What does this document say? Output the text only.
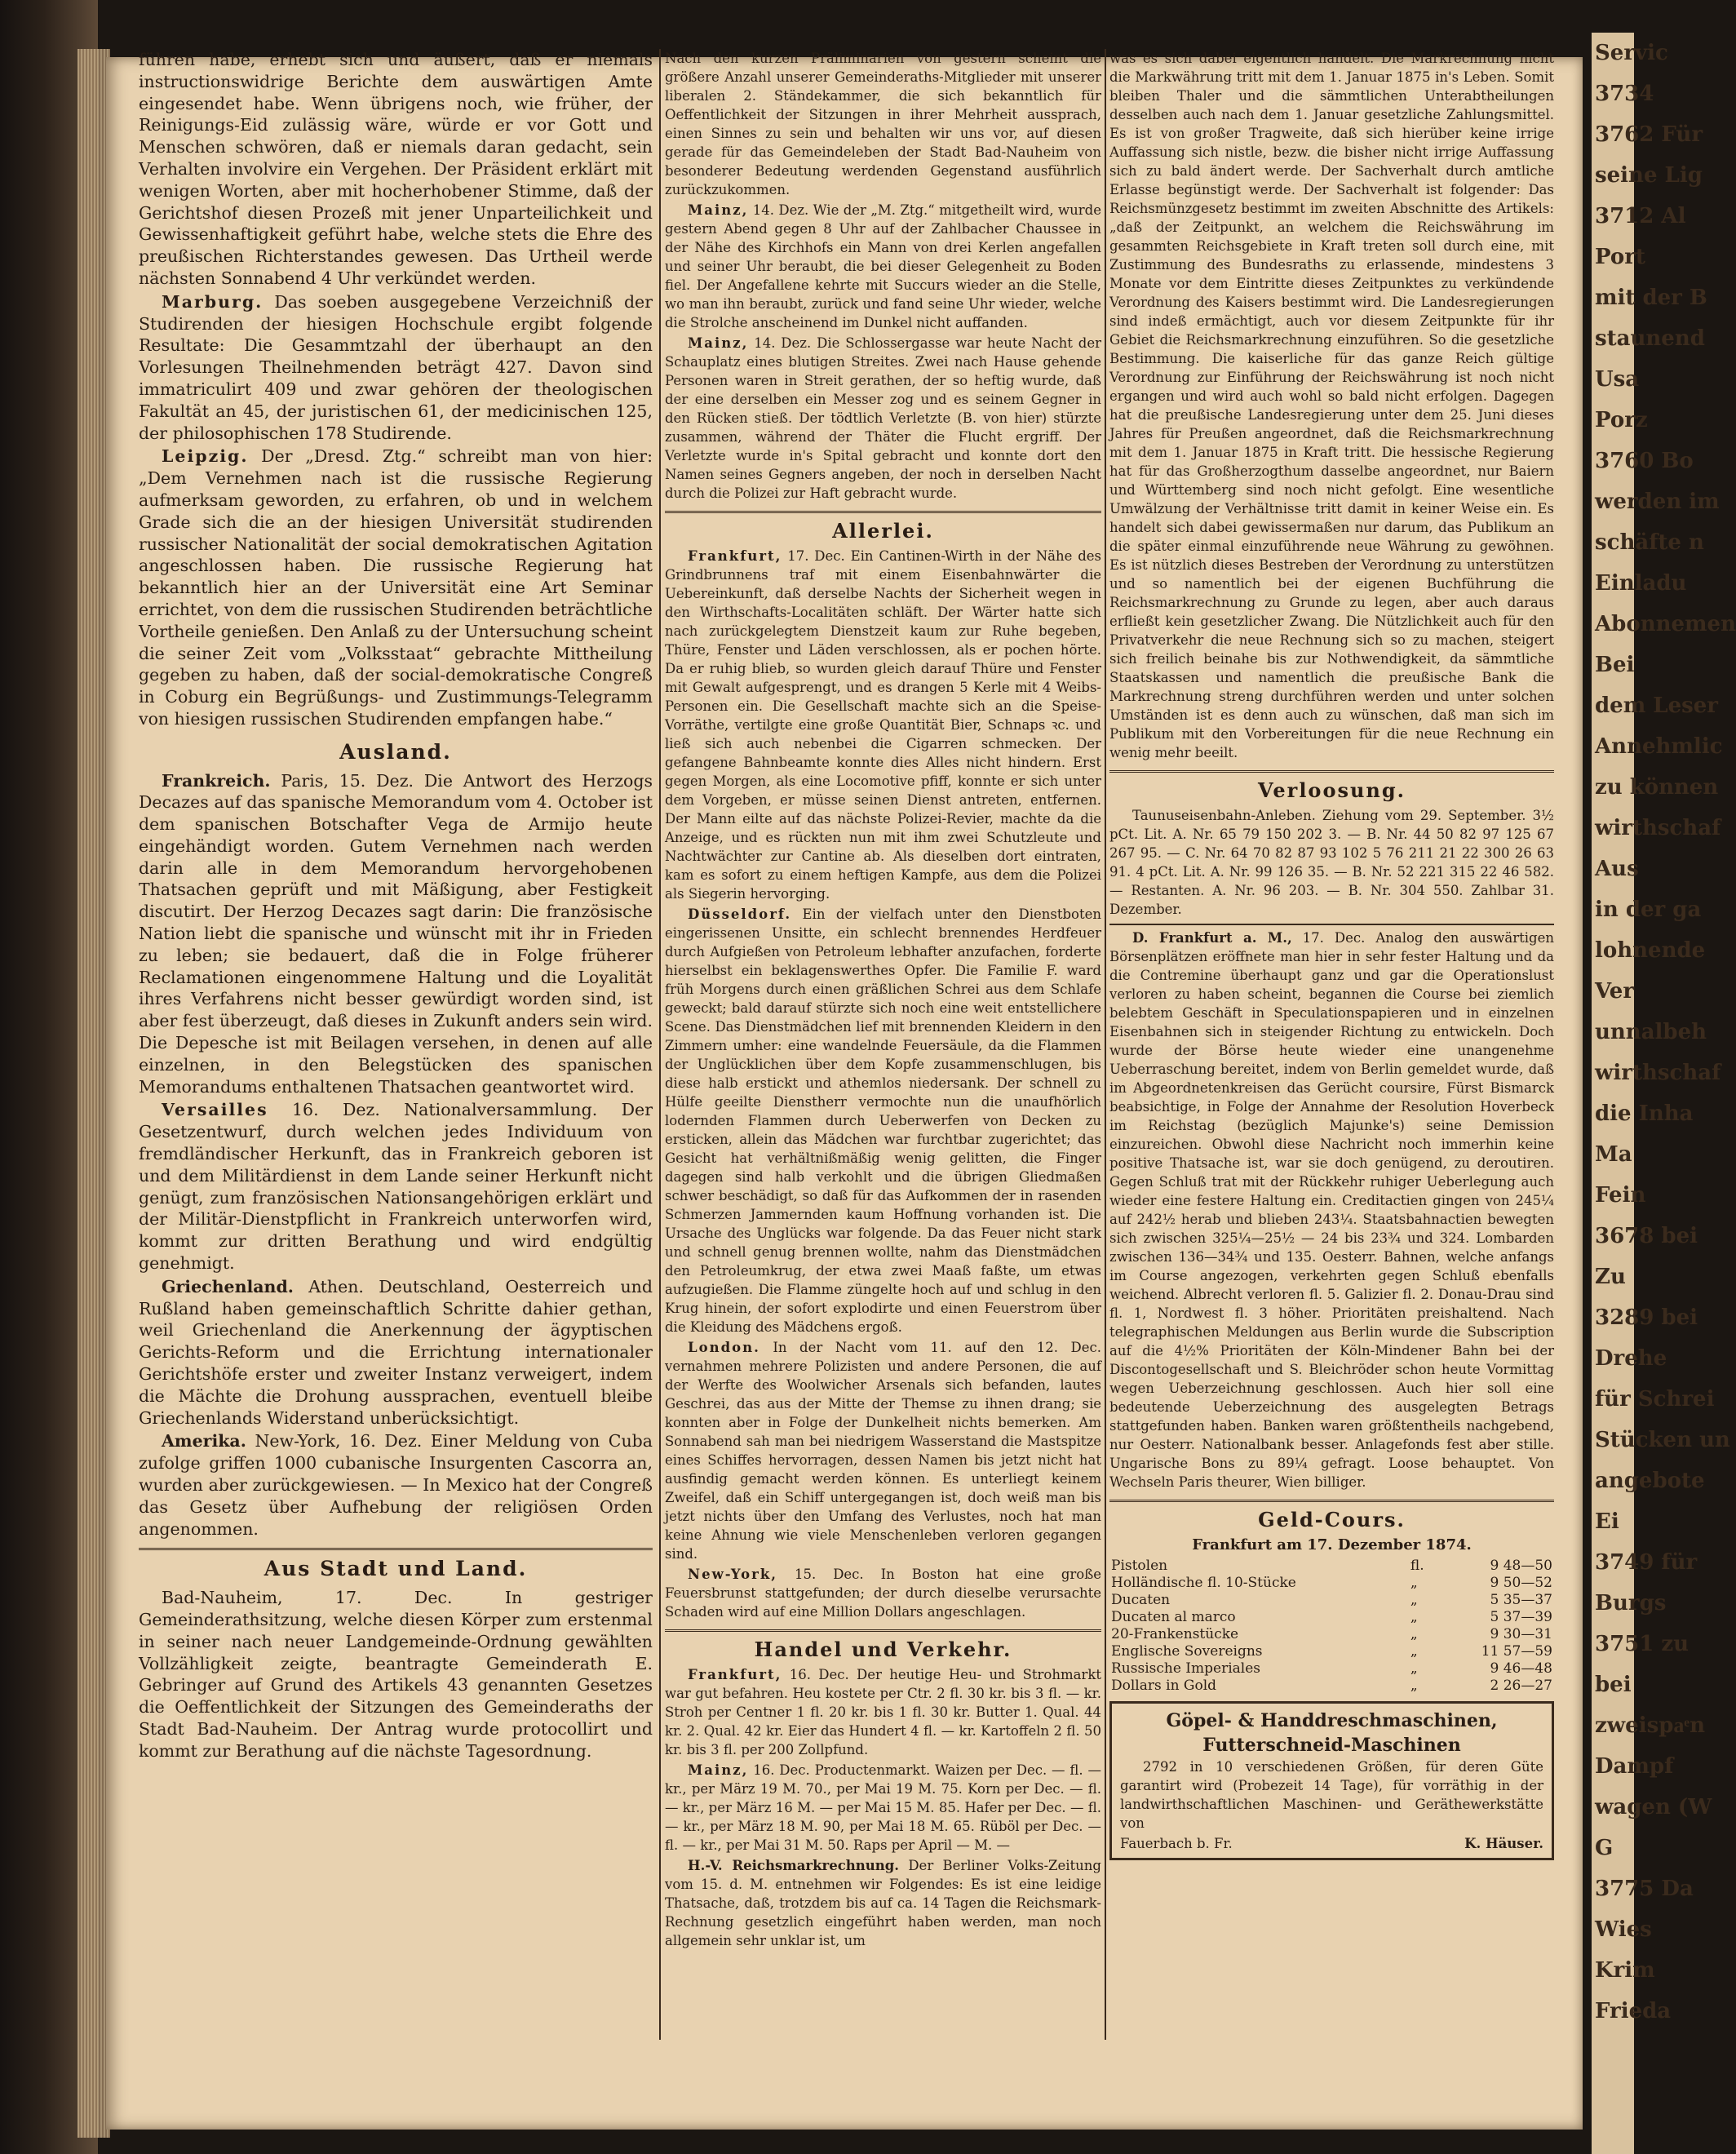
führen habe, erhebt sich und äußert, daß er niemals instructionswidrige Berichte dem auswärtigen Amte eingesendet habe. Wenn übrigens noch, wie früher, der Reinigungs-Eid zulässig wäre, würde er vor Gott und Menschen schwören, daß er niemals daran gedacht, sein Verhalten involvire ein Vergehen. Der Präsident erklärt mit wenigen Worten, aber mit hocherhobener Stimme, daß der Gerichtshof diesen Prozeß mit jener Unparteilichkeit und Gewissenhaftigkeit geführt habe, welche stets die Ehre des preußischen Richterstandes gewesen. Das Urtheil werde nächsten Sonnabend 4 Uhr verkündet werden.

Marburg. Das soeben ausgegebene Verzeichniß der Studirenden der hiesigen Hochschule ergibt folgende Resultate: Die Gesammtzahl der überhaupt an den Vorlesungen Theilnehmenden beträgt 427. Davon sind immatriculirt 409 und zwar gehören der theologischen Fakultät an 45, der juristischen 61, der medicinischen 125, der philosophischen 178 Studirende.

Leipzig. Der „Dresd. Ztg.“ schreibt man von hier: „Dem Vernehmen nach ist die russische Regierung aufmerksam geworden, zu erfahren, ob und in welchem Grade sich die an der hiesigen Universität studirenden russischer Nationalität der social demokratischen Agitation angeschlossen haben. Die russische Regierung hat bekanntlich hier an der Universität eine Art Seminar errichtet, von dem die russischen Studirenden beträchtliche Vortheile genießen. Den Anlaß zu der Untersuchung scheint die seiner Zeit vom „Volksstaat“ gebrachte Mittheilung gegeben zu haben, daß der social-demokratische Congreß in Coburg ein Begrüßungs- und Zustimmungs-Telegramm von hiesigen russischen Studirenden empfangen habe.“

Ausland.

Frankreich. Paris, 15. Dez. Die Antwort des Herzogs Decazes auf das spanische Memorandum vom 4. October ist dem spanischen Botschafter Vega de Armijo heute eingehändigt worden. Gutem Vernehmen nach werden darin alle in dem Memorandum hervorgehobenen Thatsachen geprüft und mit Mäßigung, aber Festigkeit discutirt. Der Herzog Decazes sagt darin: Die französische Nation liebt die spanische und wünscht mit ihr in Frieden zu leben; sie bedauert, daß die in Folge früherer Reclamationen eingenommene Haltung und die Loyalität ihres Verfahrens nicht besser gewürdigt worden sind, ist aber fest überzeugt, daß dieses in Zukunft anders sein wird. Die Depesche ist mit Beilagen versehen, in denen auf alle einzelnen, in den Belegstücken des spanischen Memorandums enthaltenen Thatsachen geantwortet wird.

Versailles 16. Dez. Nationalversammlung. Der Gesetzentwurf, durch welchen jedes Individuum von fremdländischer Herkunft, das in Frankreich geboren ist und dem Militärdienst in dem Lande seiner Herkunft nicht genügt, zum französischen Nationsangehörigen erklärt und der Militär-Dienstpflicht in Frankreich unterworfen wird, kommt zur dritten Berathung und wird endgültig genehmigt.

Griechenland. Athen. Deutschland, Oesterreich und Rußland haben gemeinschaftlich Schritte dahier gethan, weil Griechenland die Anerkennung der ägyptischen Gerichts-Reform und die Errichtung internationaler Gerichtshöfe erster und zweiter Instanz verweigert, indem die Mächte die Drohung aussprachen, eventuell bleibe Griechenlands Widerstand unberücksichtigt.

Amerika. New-York, 16. Dez. Einer Meldung von Cuba zufolge griffen 1000 cubanische Insurgenten Cascorra an, wurden aber zurückgewiesen. — In Mexico hat der Congreß das Gesetz über Aufhebung der religiösen Orden angenommen.

Aus Stadt und Land.

Bad-Nauheim, 17. Dec. In gestriger Gemeinderathsitzung, welche diesen Körper zum erstenmal in seiner nach neuer Landgemeinde-Ordnung gewählten Vollzähligkeit zeigte, beantragte Gemeinderath E. Gebringer auf Grund des Artikels 43 genannten Gesetzes die Oeffentlichkeit der Sitzungen des Gemeinderaths der Stadt Bad-Nauheim. Der Antrag wurde protocollirt und kommt zur Berathung auf die nächste Tagesordnung.

Nach den kurzen Präliminarien von gestern scheint die größere Anzahl unserer Gemeinderaths-Mitglieder mit unserer liberalen 2. Ständekammer, die sich bekanntlich für Oeffentlichkeit der Sitzungen in ihrer Mehrheit aussprach, einen Sinnes zu sein und behalten wir uns vor, auf diesen gerade für das Gemeindeleben der Stadt Bad-Nauheim von besonderer Bedeutung werdenden Gegenstand ausführlich zurückzukommen.

Mainz, 14. Dez. Wie der „M. Ztg.“ mitgetheilt wird, wurde gestern Abend gegen 8 Uhr auf der Zahlbacher Chaussee in der Nähe des Kirchhofs ein Mann von drei Kerlen angefallen und seiner Uhr beraubt, die bei dieser Gelegenheit zu Boden fiel. Der Angefallene kehrte mit Succurs wieder an die Stelle, wo man ihn beraubt, zurück und fand seine Uhr wieder, welche die Strolche anscheinend im Dunkel nicht auffanden.

Mainz, 14. Dez. Die Schlossergasse war heute Nacht der Schauplatz eines blutigen Streites. Zwei nach Hause gehende Personen waren in Streit gerathen, der so heftig wurde, daß der eine derselben ein Messer zog und es seinem Gegner in den Rücken stieß. Der tödtlich Verletzte (B. von hier) stürzte zusammen, während der Thäter die Flucht ergriff. Der Verletzte wurde in's Spital gebracht und konnte dort den Namen seines Gegners angeben, der noch in derselben Nacht durch die Polizei zur Haft gebracht wurde.

Allerlei.

Frankfurt, 17. Dec. Ein Cantinen-Wirth in der Nähe des Grindbrunnens traf mit einem Eisenbahnwärter die Uebereinkunft, daß derselbe Nachts der Sicherheit wegen in den Wirthschafts-Localitäten schläft. Der Wärter hatte sich nach zurückgelegtem Dienstzeit kaum zur Ruhe begeben, Thüre, Fenster und Läden verschlossen, als er pochen hörte. Da er ruhig blieb, so wurden gleich darauf Thüre und Fenster mit Gewalt aufgesprengt, und es drangen 5 Kerle mit 4 Weibs-Personen ein. Die Gesellschaft machte sich an die Speise-Vorräthe, vertilgte eine große Quantität Bier, Schnaps ꝛc. und ließ sich auch nebenbei die Cigarren schmecken. Der gefangene Bahnbeamte konnte dies Alles nicht hindern. Erst gegen Morgen, als eine Locomotive pfiff, konnte er sich unter dem Vorgeben, er müsse seinen Dienst antreten, entfernen. Der Mann eilte auf das nächste Polizei-Revier, machte da die Anzeige, und es rückten nun mit ihm zwei Schutzleute und Nachtwächter zur Cantine ab. Als dieselben dort eintraten, kam es sofort zu einem heftigen Kampfe, aus dem die Polizei als Siegerin hervorging.

Düsseldorf. Ein der vielfach unter den Dienstboten eingerissenen Unsitte, ein schlecht brennendes Herdfeuer durch Aufgießen von Petroleum lebhafter anzufachen, forderte hierselbst ein beklagenswerthes Opfer. Die Familie F. ward früh Morgens durch einen gräßlichen Schrei aus dem Schlafe geweckt; bald darauf stürzte sich noch eine weit entstellichere Scene. Das Dienstmädchen lief mit brennenden Kleidern in den Zimmern umher: eine wandelnde Feuersäule, da die Flammen der Unglücklichen über dem Kopfe zusammenschlugen, bis diese halb erstickt und athemlos niedersank. Der schnell zu Hülfe geeilte Dienstherr vermochte nun die unaufhörlich lodernden Flammen durch Ueberwerfen von Decken zu ersticken, allein das Mädchen war furchtbar zugerichtet; das Gesicht hat verhältnißmäßig wenig gelitten, die Finger dagegen sind halb verkohlt und die übrigen Gliedmaßen schwer beschädigt, so daß für das Aufkommen der in rasenden Schmerzen Jammernden kaum Hoffnung vorhanden ist. Die Ursache des Unglücks war folgende. Da das Feuer nicht stark und schnell genug brennen wollte, nahm das Dienstmädchen den Petroleumkrug, der etwa zwei Maaß faßte, um etwas aufzugießen. Die Flamme züngelte hoch auf und schlug in den Krug hinein, der sofort explodirte und einen Feuerstrom über die Kleidung des Mädchens ergoß.

London. In der Nacht vom 11. auf den 12. Dec. vernahmen mehrere Polizisten und andere Personen, die auf der Werfte des Woolwicher Arsenals sich befanden, lautes Geschrei, das aus der Mitte der Themse zu ihnen drang; sie konnten aber in Folge der Dunkelheit nichts bemerken. Am Sonnabend sah man bei niedrigem Wasserstand die Mastspitze eines Schiffes hervorragen, dessen Namen bis jetzt nicht hat ausfindig gemacht werden können. Es unterliegt keinem Zweifel, daß ein Schiff untergegangen ist, doch weiß man bis jetzt nichts über den Umfang des Verlustes, noch hat man keine Ahnung wie viele Menschenleben verloren gegangen sind.

New-York, 15. Dec. In Boston hat eine große Feuersbrunst stattgefunden; der durch dieselbe verursachte Schaden wird auf eine Million Dollars angeschlagen.

Handel und Verkehr.

Frankfurt, 16. Dec. Der heutige Heu- und Strohmarkt war gut befahren. Heu kostete per Ctr. 2 fl. 30 kr. bis 3 fl. — kr. Stroh per Centner 1 fl. 20 kr. bis 1 fl. 30 kr. Butter 1. Qual. 44 kr. 2. Qual. 42 kr. Eier das Hundert 4 fl. — kr. Kartoffeln 2 fl. 50 kr. bis 3 fl. per 200 Zollpfund.

Mainz, 16. Dec. Productenmarkt. Waizen per Dec. — fl. — kr., per März 19 M. 70., per Mai 19 M. 75. Korn per Dec. — fl. — kr., per März 16 M. — per Mai 15 M. 85. Hafer per Dec. — fl. — kr., per März 18 M. 90, per Mai 18 M. 65. Rüböl per Dec. — fl. — kr., per Mai 31 M. 50. Raps per April — M. —

H.-V. Reichsmarkrechnung. Der Berliner Volks-Zeitung vom 15. d. M. entnehmen wir Folgendes: Es ist eine leidige Thatsache, daß, trotzdem bis auf ca. 14 Tagen die Reichsmark-Rechnung gesetzlich eingeführt haben werden, man noch allgemein sehr unklar ist, um

was es sich dabei eigentlich handelt. Die Markrechnung nicht die Markwährung tritt mit dem 1. Januar 1875 in's Leben. Somit bleiben Thaler und die sämmtlichen Unterabtheilungen desselben auch nach dem 1. Januar gesetzliche Zahlungsmittel. Es ist von großer Tragweite, daß sich hierüber keine irrige Auffassung sich nistle, bezw. die bisher nicht irrige Auffassung sich zu bald ändert werde. Der Sachverhalt durch amtliche Erlasse begünstigt werde. Der Sachverhalt ist folgender: Das Reichsmünzgesetz bestimmt im zweiten Abschnitte des Artikels: „daß der Zeitpunkt, an welchem die Reichswährung im gesammten Reichsgebiete in Kraft treten soll durch eine, mit Zustimmung des Bundesraths zu erlassende, mindestens 3 Monate vor dem Eintritte dieses Zeitpunktes zu verkündende Verordnung des Kaisers bestimmt wird. Die Landesregierungen sind indeß ermächtigt, auch vor diesem Zeitpunkte für ihr Gebiet die Reichsmarkrechnung einzuführen. So die gesetzliche Bestimmung. Die kaiserliche für das ganze Reich gültige Verordnung zur Einführung der Reichswährung ist noch nicht ergangen und wird auch wohl so bald nicht erfolgen. Dagegen hat die preußische Landesregierung unter dem 25. Juni dieses Jahres für Preußen angeordnet, daß die Reichsmarkrechnung mit dem 1. Januar 1875 in Kraft tritt. Die hessische Regierung hat für das Großherzogthum dasselbe angeordnet, nur Baiern und Württemberg sind noch nicht gefolgt. Eine wesentliche Umwälzung der Verhältnisse tritt damit in keiner Weise ein. Es handelt sich dabei gewissermaßen nur darum, das Publikum an die später einmal einzuführende neue Währung zu gewöhnen. Es ist nützlich dieses Bestreben der Verordnung zu unterstützen und so namentlich bei der eigenen Buchführung die Reichsmarkrechnung zu Grunde zu legen, aber auch daraus erfließt kein gesetzlicher Zwang. Die Nützlichkeit auch für den Privatverkehr die neue Rechnung sich so zu machen, steigert sich freilich beinahe bis zur Nothwendigkeit, da sämmtliche Staatskassen und namentlich die preußische Bank die Markrechnung streng durchführen werden und unter solchen Umständen ist es denn auch zu wünschen, daß man sich im Publikum mit den Vorbereitungen für die neue Rechnung ein wenig mehr beeilt.

Verloosung.

Taunuseisenbahn-Anleben. Ziehung vom 29. September. 3½ pCt. Lit. A. Nr. 65 79 150 202 3. — B. Nr. 44 50 82 97 125 67 267 95. — C. Nr. 64 70 82 87 93 102 5 76 211 21 22 300 26 63 91. 4 pCt. Lit. A. Nr. 99 126 35. — B. Nr. 52 221 315 22 46 582. — Restanten. A. Nr. 96 203. — B. Nr. 304 550. Zahlbar 31. Dezember.

D. Frankfurt a. M., 17. Dec. Analog den auswärtigen Börsenplätzen eröffnete man hier in sehr fester Haltung und da die Contremine überhaupt ganz und gar die Operationslust verloren zu haben scheint, begannen die Course bei ziemlich belebtem Geschäft in Speculationspapieren und in einzelnen Eisenbahnen sich in steigender Richtung zu entwickeln. Doch wurde der Börse heute wieder eine unangenehme Ueberraschung bereitet, indem von Berlin gemeldet wurde, daß im Abgeordnetenkreisen das Gerücht coursire, Fürst Bismarck beabsichtige, in Folge der Annahme der Resolution Hoverbeck im Reichstag (bezüglich Majunke's) seine Demission einzureichen. Obwohl diese Nachricht noch immerhin keine positive Thatsache ist, war sie doch genügend, zu deroutiren. Gegen Schluß trat mit der Rückkehr ruhiger Ueberlegung auch wieder eine festere Haltung ein. Creditactien gingen von 245¼ auf 242½ herab und blieben 243¼. Staatsbahnactien bewegten sich zwischen 325¼—25½ — 24 bis 23¾ und 324. Lombarden zwischen 136—34¾ und 135. Oesterr. Bahnen, welche anfangs im Course angezogen, verkehrten gegen Schluß ebenfalls weichend. Albrecht verloren fl. 5. Galizier fl. 2. Donau-Drau sind fl. 1, Nordwest fl. 3 höher. Prioritäten preishaltend. Nach telegraphischen Meldungen aus Berlin wurde die Subscription auf die 4½% Prioritäten der Köln-Mindener Bahn bei der Discontogesellschaft und S. Bleichröder schon heute Vormittag wegen Ueberzeichnung geschlossen. Auch hier soll eine bedeutende Ueberzeichnung des ausgelegten Betrags stattgefunden haben. Banken waren größtentheils nachgebend, nur Oesterr. Nationalbank besser. Anlagefonds fest aber stille. Ungarische Bons zu 89¼ gefragt. Loose behauptet. Von Wechseln Paris theurer, Wien billiger.

Geld-Cours.
Frankfurt am 17. Dezember 1874.
Pistolen	fl.	9 48—50
Holländische fl. 10-Stücke	„	9 50—52
Ducaten	„	5 35—37
Ducaten al marco	„	5 37—39
20-Frankenstücke	„	9 30—31
Englische Sovereigns	„	11 57—59
Russische Imperiales	„	9 46—48
Dollars in Gold	„	2 26—27
Göpel- & Handdreschmaschinen, Futterschneid-Maschinen

2792 in 10 verschiedenen Größen, für deren Güte garantirt wird (Probezeit 14 Tage), für vorräthig in der landwirthschaftlichen Maschinen- und Geräthewerkstätte von

Fauerbach b. Fr.	K. Häuser.
Servic
3734
3762 Für
seine Lig
3712 Al
Port
mit der B
staunend
Usa
Porz
3760 Bo
werden im
schäfte n
Einladu
Abonnemen
Bei
dem Leser
Annehmlic
zu können
wirthschaf
Aus
in der ga
lohnende
Ver
unnalbeh
wirthschaf
die Inha
Ma
Fein
3678 bei
Zu
3289 bei
Drehe
für Schrei
Stücken un
angebote
Ei
3749 für
Burgs
3751 zu
bei
zweispaͤn
Dampf
wagen (W
G
3775 Da
Wies
Krim
Frieda
